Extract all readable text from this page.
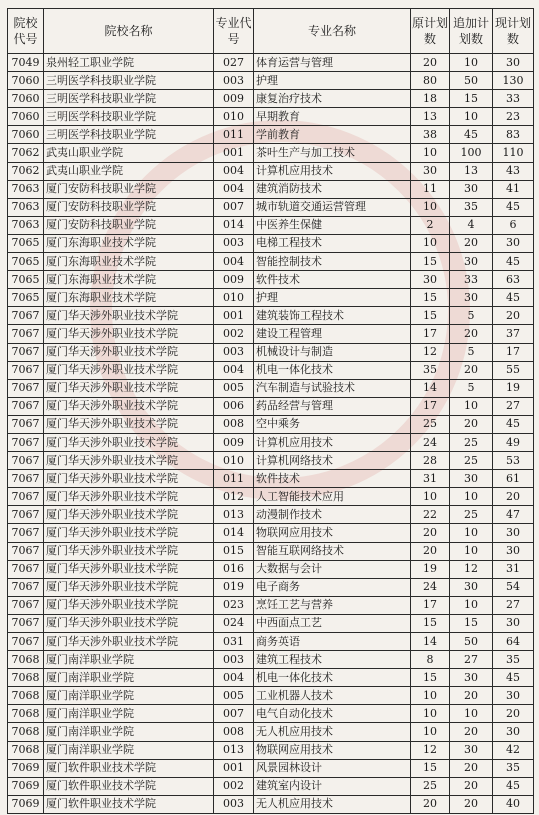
院校代号	院校名称	专业代号	专业名称	原计划数	追加计划数	现计划数
7049	泉州轻工职业学院	027	体育运营与管理	20	10	30
7060	三明医学科技职业学院	003	护理	80	50	130
7060	三明医学科技职业学院	009	康复治疗技术	18	15	33
7060	三明医学科技职业学院	010	早期教育	13	10	23
7060	三明医学科技职业学院	011	学前教育	38	45	83
7062	武夷山职业学院	001	茶叶生产与加工技术	10	100	110
7062	武夷山职业学院	004	计算机应用技术	30	13	43
7063	厦门安防科技职业学院	004	建筑消防技术	11	30	41
7063	厦门安防科技职业学院	007	城市轨道交通运营管理	10	35	45
7063	厦门安防科技职业学院	014	中医养生保健	2	4	6
7065	厦门东海职业技术学院	003	电梯工程技术	10	20	30
7065	厦门东海职业技术学院	004	智能控制技术	15	30	45
7065	厦门东海职业技术学院	009	软件技术	30	33	63
7065	厦门东海职业技术学院	010	护理	15	30	45
7067	厦门华天涉外职业技术学院	001	建筑装饰工程技术	15	5	20
7067	厦门华天涉外职业技术学院	002	建设工程管理	17	20	37
7067	厦门华天涉外职业技术学院	003	机械设计与制造	12	5	17
7067	厦门华天涉外职业技术学院	004	机电一体化技术	35	20	55
7067	厦门华天涉外职业技术学院	005	汽车制造与试验技术	14	5	19
7067	厦门华天涉外职业技术学院	006	药品经营与管理	17	10	27
7067	厦门华天涉外职业技术学院	008	空中乘务	25	20	45
7067	厦门华天涉外职业技术学院	009	计算机应用技术	24	25	49
7067	厦门华天涉外职业技术学院	010	计算机网络技术	28	25	53
7067	厦门华天涉外职业技术学院	011	软件技术	31	30	61
7067	厦门华天涉外职业技术学院	012	人工智能技术应用	10	10	20
7067	厦门华天涉外职业技术学院	013	动漫制作技术	22	25	47
7067	厦门华天涉外职业技术学院	014	物联网应用技术	20	10	30
7067	厦门华天涉外职业技术学院	015	智能互联网络技术	20	10	30
7067	厦门华天涉外职业技术学院	016	大数据与会计	19	12	31
7067	厦门华天涉外职业技术学院	019	电子商务	24	30	54
7067	厦门华天涉外职业技术学院	023	烹饪工艺与营养	17	10	27
7067	厦门华天涉外职业技术学院	024	中西面点工艺	15	15	30
7067	厦门华天涉外职业技术学院	031	商务英语	14	50	64
7068	厦门南洋职业学院	003	建筑工程技术	8	27	35
7068	厦门南洋职业学院	004	机电一体化技术	15	30	45
7068	厦门南洋职业学院	005	工业机器人技术	10	20	30
7068	厦门南洋职业学院	007	电气自动化技术	10	10	20
7068	厦门南洋职业学院	008	无人机应用技术	10	20	30
7068	厦门南洋职业学院	013	物联网应用技术	12	30	42
7069	厦门软件职业技术学院	001	风景园林设计	15	20	35
7069	厦门软件职业技术学院	002	建筑室内设计	25	20	45
7069	厦门软件职业技术学院	003	无人机应用技术	20	20	40
